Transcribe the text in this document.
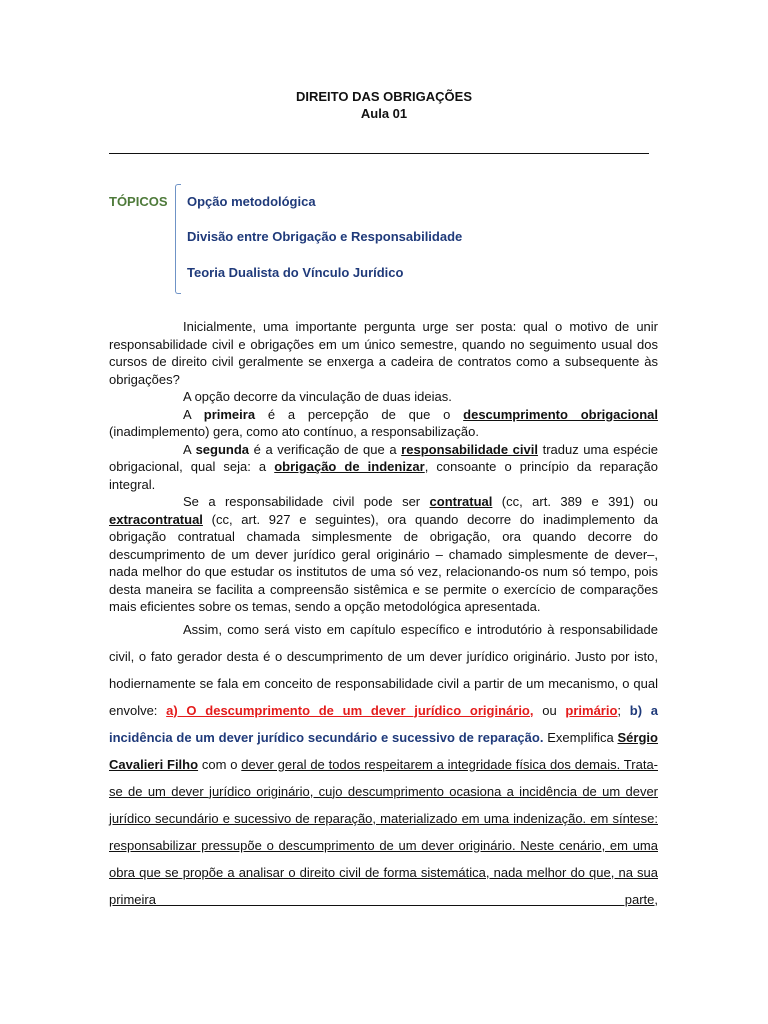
DIREITO DAS OBRIGAÇÕES
Aula 01
TÓPICOS Opção metodológica
Divisão entre Obrigação e Responsabilidade
Teoria Dualista do Vínculo Jurídico

Inicialmente, uma importante pergunta urge ser posta: qual o motivo de unir responsabilidade civil e obrigações em um único semestre, quando no seguimento usual dos cursos de direito civil geralmente se enxerga a cadeira de contratos como a subsequente às obrigações?

A opção decorre da vinculação de duas ideias.

A primeira é a percepção de que o descumprimento obrigacional (inadimplemento) gera, como ato contínuo, a responsabilização.

A segunda é a verificação de que a responsabilidade civil traduz uma espécie obrigacional, qual seja: a obrigação de indenizar, consoante o princípio da reparação integral.

Se a responsabilidade civil pode ser contratual (cc, art. 389 e 391) ou extracontratual (cc, art. 927 e seguintes), ora quando decorre do inadimplemento da obrigação contratual chamada simplesmente de obrigação, ora quando decorre do descumprimento de um dever jurídico geral originário – chamado simplesmente de dever–, nada melhor do que estudar os institutos de uma só vez, relacionando-os num só tempo, pois desta maneira se facilita a compreensão sistêmica e se permite o exercício de comparações mais eficientes sobre os temas, sendo a opção metodológica apresentada.

Assim, como será visto em capítulo específico e introdutório à responsabilidade civil, o fato gerador desta é o descumprimento de um dever jurídico originário. Justo por isto, hodiernamente se fala em conceito de responsabilidade civil a partir de um mecanismo, o qual envolve: a) O descumprimento de um dever jurídico originário, ou primário; b) a incidência de um dever jurídico secundário e sucessivo de reparação. Exemplifica Sérgio Cavalieri Filho com o dever geral de todos respeitarem a integridade física dos demais. Trata-se de um dever jurídico originário, cujo descumprimento ocasiona a incidência de um dever jurídico secundário e sucessivo de reparação, materializado em uma indenização. em síntese: responsabilizar pressupõe o descumprimento de um dever originário. Neste cenário, em uma obra que se propõe a analisar o direito civil de forma sistemática, nada melhor do que, na sua primeira parte,
